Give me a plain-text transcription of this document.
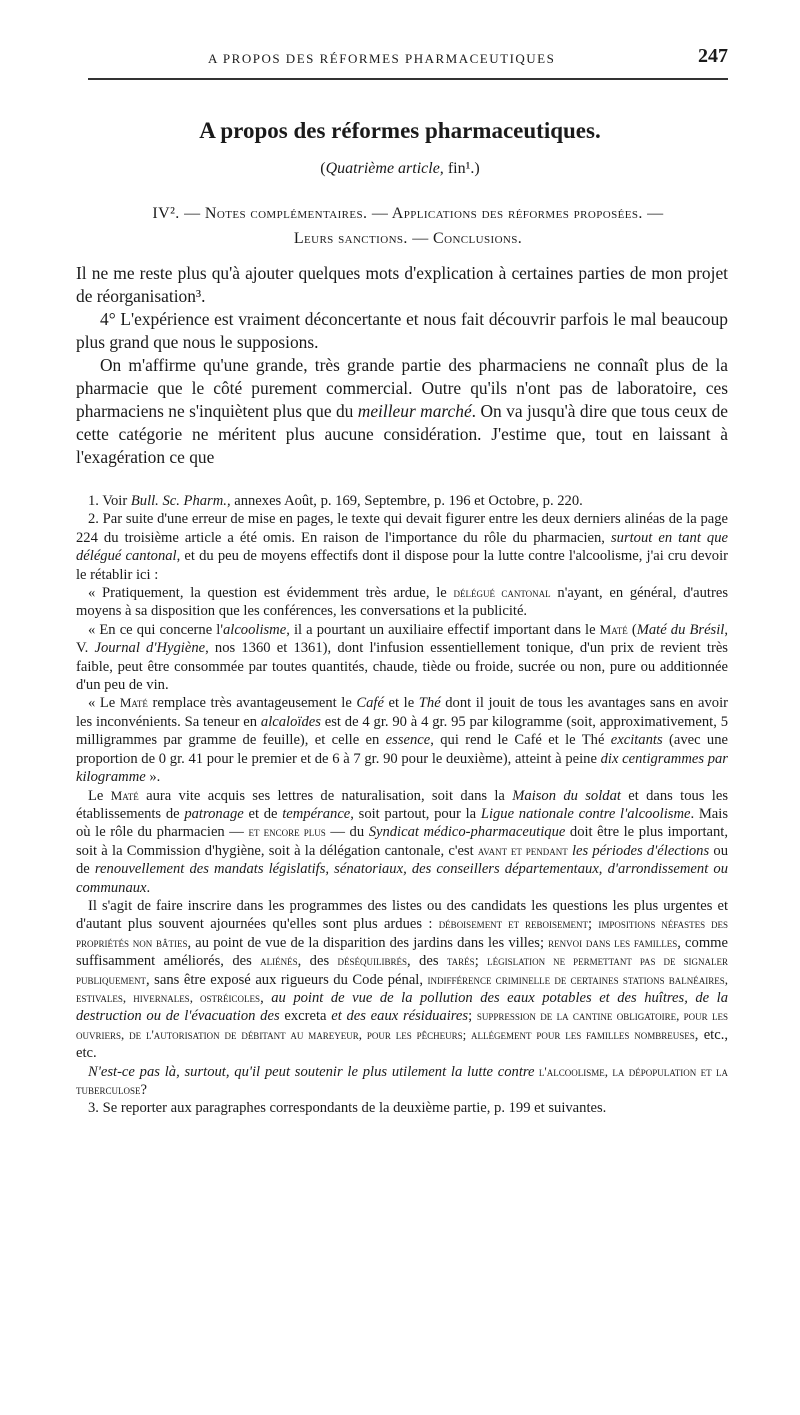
A PROPOS DES RÉFORMES PHARMACEUTIQUES	247
A propos des réformes pharmaceutiques.
(Quatrième article, fin¹.)
IV². — Notes complémentaires. — Applications des réformes proposées. —
Leurs sanctions. — Conclusions.

Il ne me reste plus qu'à ajouter quelques mots d'explication à certaines parties de mon projet de réorganisation³.

4° L'expérience est vraiment déconcertante et nous fait découvrir parfois le mal beaucoup plus grand que nous le supposions.

On m'affirme qu'une grande, très grande partie des pharmaciens ne connaît plus de la pharmacie que le côté purement commercial. Outre qu'ils n'ont pas de laboratoire, ces pharmaciens ne s'inquiètent plus que du meilleur marché. On va jusqu'à dire que tous ceux de cette catégorie ne méritent plus aucune considération. J'estime que, tout en laissant à l'exagération ce que

1. Voir Bull. Sc. Pharm., annexes Août, p. 169, Septembre, p. 196 et Octobre, p. 220.

2. Par suite d'une erreur de mise en pages, le texte qui devait figurer entre les deux derniers alinéas de la page 224 du troisième article a été omis. En raison de l'importance du rôle du pharmacien, surtout en tant que délégué cantonal, et du peu de moyens effectifs dont il dispose pour la lutte contre l'alcoolisme, j'ai cru devoir le rétablir ici :

« Pratiquement, la question est évidemment très ardue, le délégué cantonal n'ayant, en général, d'autres moyens à sa disposition que les conférences, les conversations et la publicité.

« En ce qui concerne l'alcoolisme, il a pourtant un auxiliaire effectif important dans le Maté (Maté du Brésil, V. Journal d'Hygiène, nos 1360 et 1361), dont l'infusion essentiellement tonique, d'un prix de revient très faible, peut être consommée par toutes quantités, chaude, tiède ou froide, sucrée ou non, pure ou additionnée d'un peu de vin.

« Le Maté remplace très avantageusement le Café et le Thé dont il jouit de tous les avantages sans en avoir les inconvénients. Sa teneur en alcaloïdes est de 4 gr. 90 à 4 gr. 95 par kilogramme (soit, approximativement, 5 milligrammes par gramme de feuille), et celle en essence, qui rend le Café et le Thé excitants (avec une proportion de 0 gr. 41 pour le premier et de 6 à 7 gr. 90 pour le deuxième), atteint à peine dix centigrammes par kilogramme ».

Le Maté aura vite acquis ses lettres de naturalisation, soit dans la Maison du soldat et dans tous les établissements de patronage et de tempérance, soit partout, pour la Ligue nationale contre l'alcoolisme. Mais où le rôle du pharmacien — et encore plus — du Syndicat médico-pharmaceutique doit être le plus important, soit à la Commission d'hygiène, soit à la délégation cantonale, c'est avant et pendant les périodes d'élections ou de renouvellement des mandats législatifs, sénatoriaux, des conseillers départementaux, d'arrondissement ou communaux.

Il s'agit de faire inscrire dans les programmes des listes ou des candidats les questions les plus urgentes et d'autant plus souvent ajournées qu'elles sont plus ardues : déboisement et reboisement; impositions néfastes des propriétés non bâties, au point de vue de la disparition des jardins dans les villes; renvoi dans les familles, comme suffisamment améliorés, des aliénés, des déséquilibrés, des tarés; législation ne permettant pas de signaler publiquement, sans être exposé aux rigueurs du Code pénal, indifférence criminelle de certaines stations balnéaires, estivales, hivernales, ostréicoles, au point de vue de la pollution des eaux potables et des huîtres, de la destruction ou de l'évacuation des excreta et des eaux résiduaires; suppression de la cantine obligatoire, pour les ouvriers, de l'autorisation de débitant au mareyeur, pour les pêcheurs; allégement pour les familles nombreuses, etc., etc.

N'est-ce pas là, surtout, qu'il peut soutenir le plus utilement la lutte contre l'alcoolisme, la dépopulation et la tuberculose?

3. Se reporter aux paragraphes correspondants de la deuxième partie, p. 199 et suivantes.
